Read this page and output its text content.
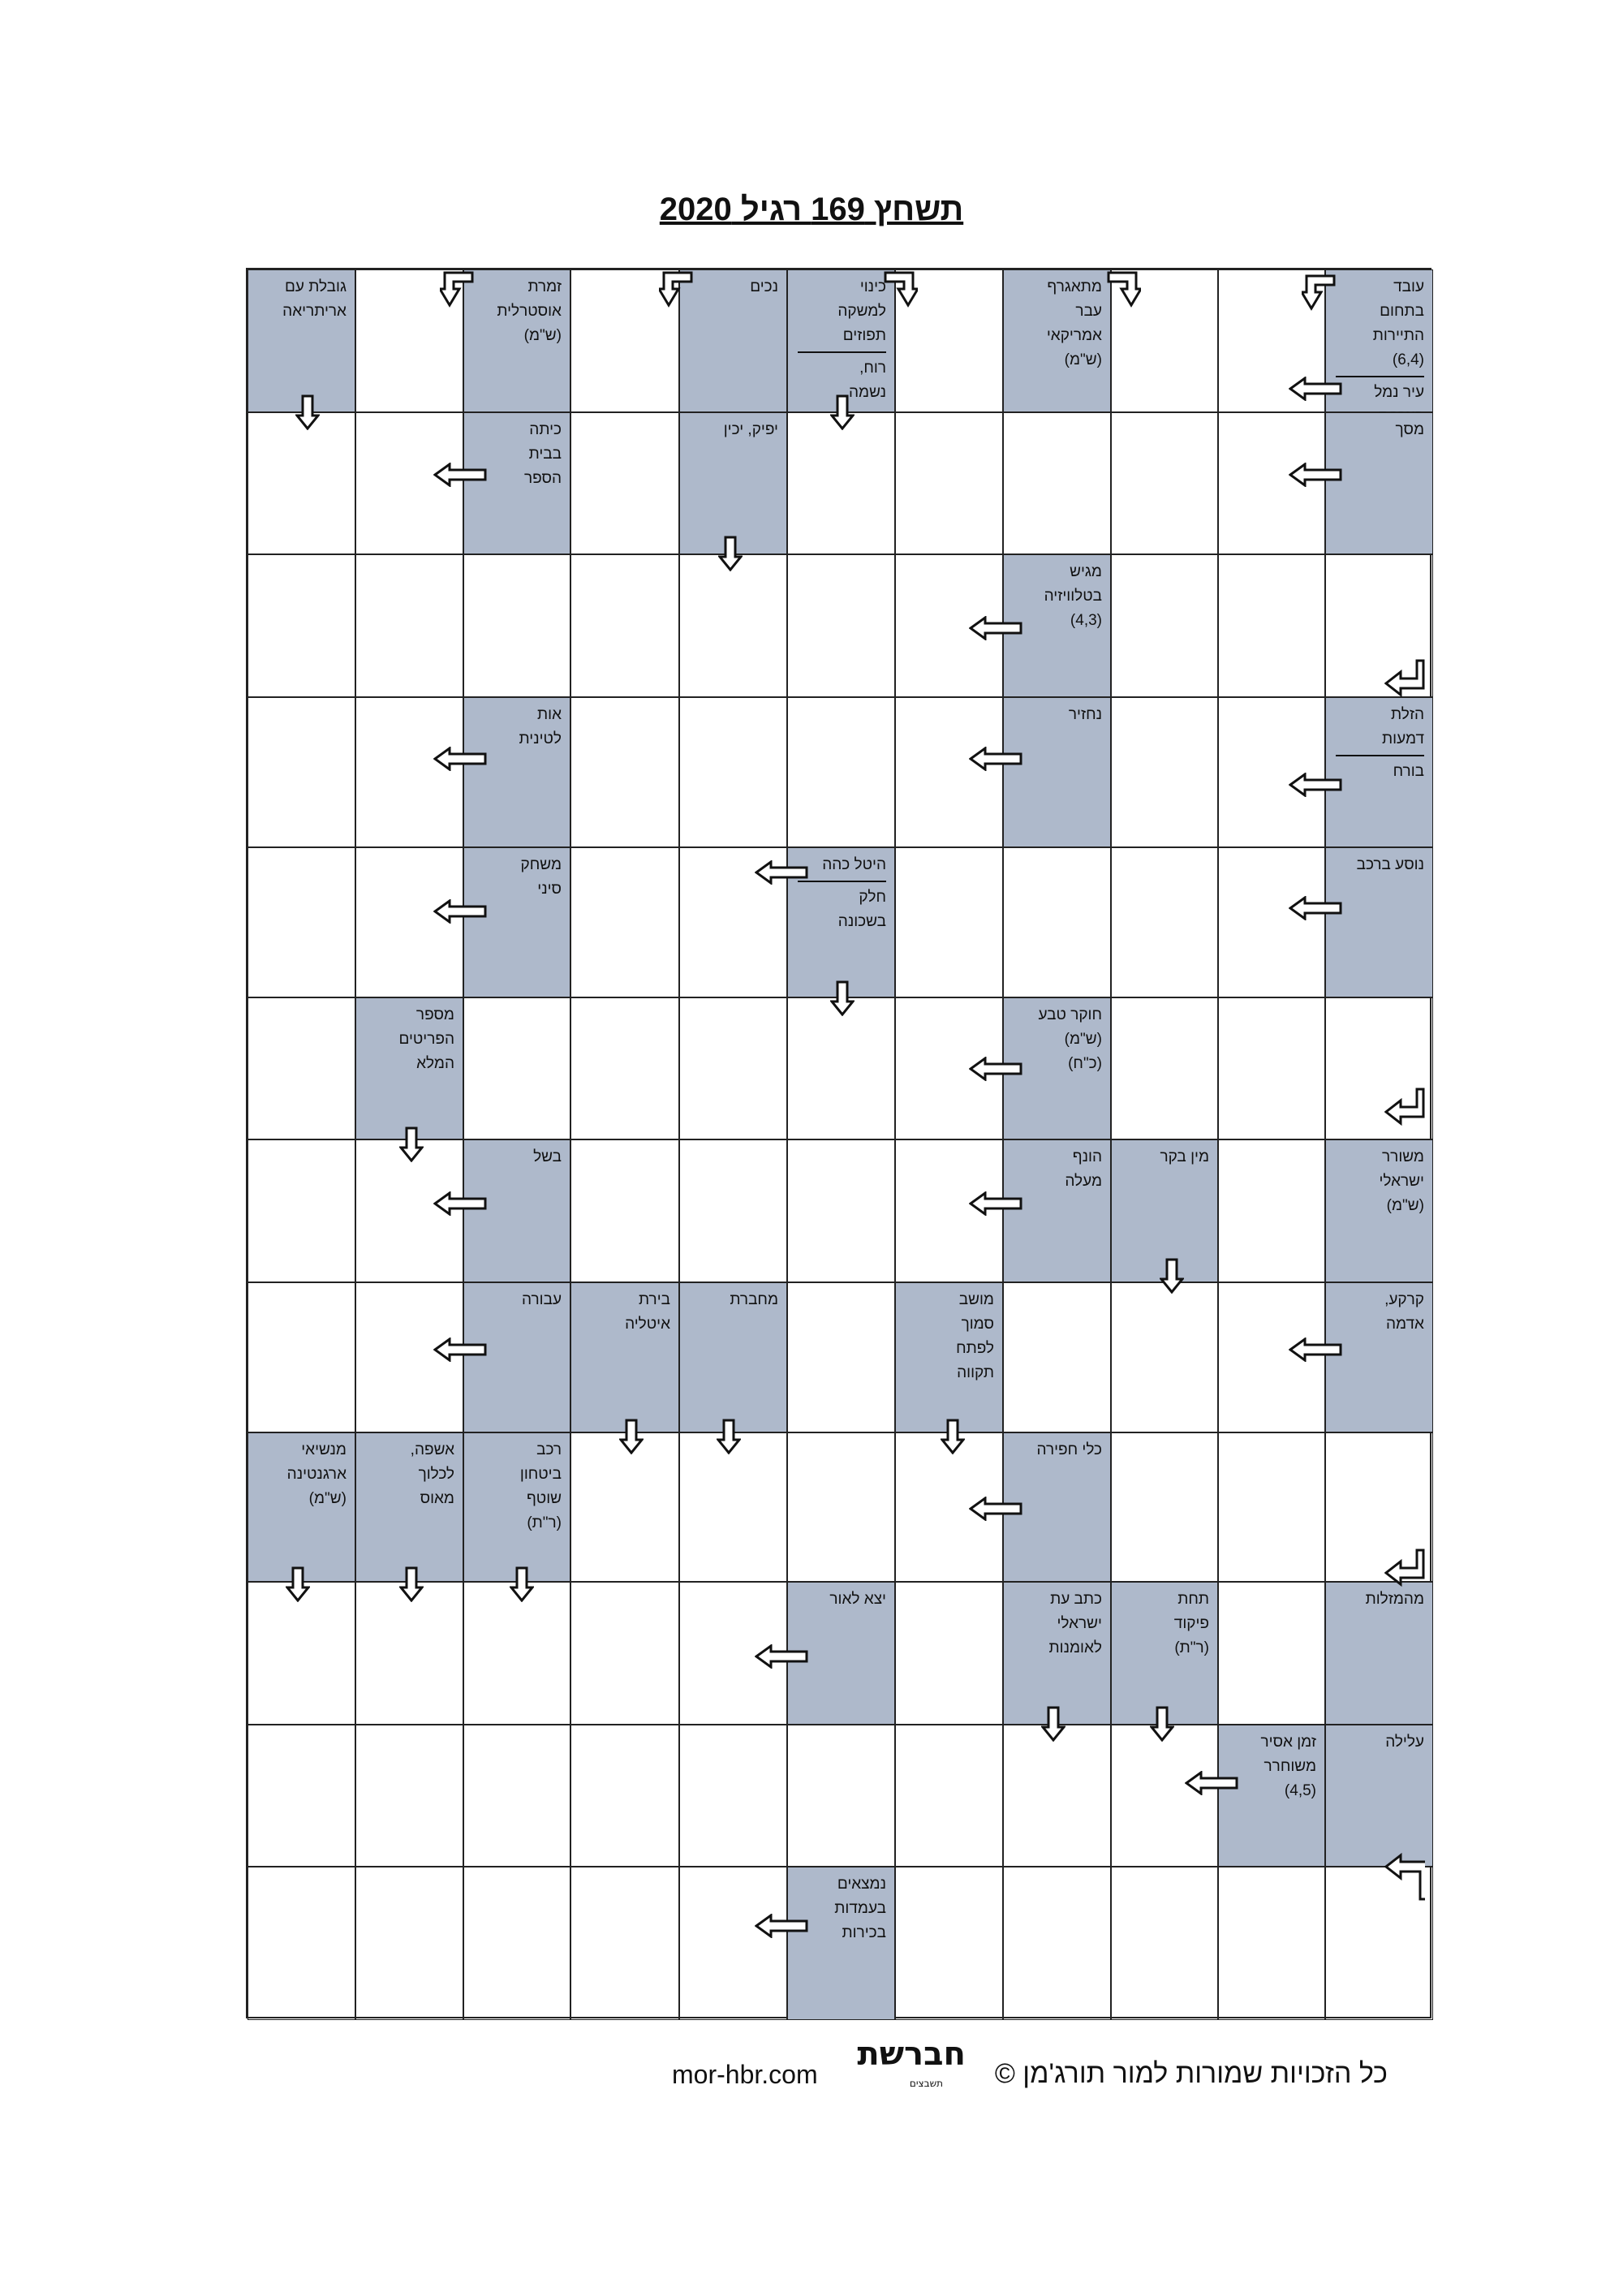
תשחץ 169 רגיל 2020
עובד
בתחום
התיירות
(6,4)
עיר נמל

מתאגרף
עבר
אמריקאי
(ש"מ)
כינוי
למשקה
תפוזים
רוח,
נשמה
נכים
זמרת
אוסטרלית
(ש"מ)
גובלת עם
אריתריאה
מסך
יפיק, יכין
כיתה
בבית
הספר
מגיש
בטלוויזיה
(4,3)
הזלת
דמעות
בורח
נחזיר
אות
לטינית
נוסע ברכב
היטל כהה
חלק
בשכונה
משחק
סיני
חוקר טבע
(ש"מ)
(כ"ח)
מספר
הפריטים
המלא
משורר
ישראלי
(ש"מ)
מין בקר
הונף
מעלה
בשל
קרקע,
אדמה
מושב
סמוך
לפתח
תקווה
מחברת
בירת
איטליה
עבורה
כלי חפירה
רכב
ביטחון
שוטף
(ר"ת)
אשפה,
לכלוך
מאוס
מנשיאי
ארגנטינה
(ש"מ)
מהמזלות
תחת
פיקוד
(ר"ת)
כתב עת
ישראלי
לאומנות
יצא לאור
עלילה
זמן אסיר
משוחרר
(4,5)
נמצאים
בעמדות
בכירות
mor-hbr.com
חברשת
תשבצים כל הזכויות שמורות למור תורג'מן ©
